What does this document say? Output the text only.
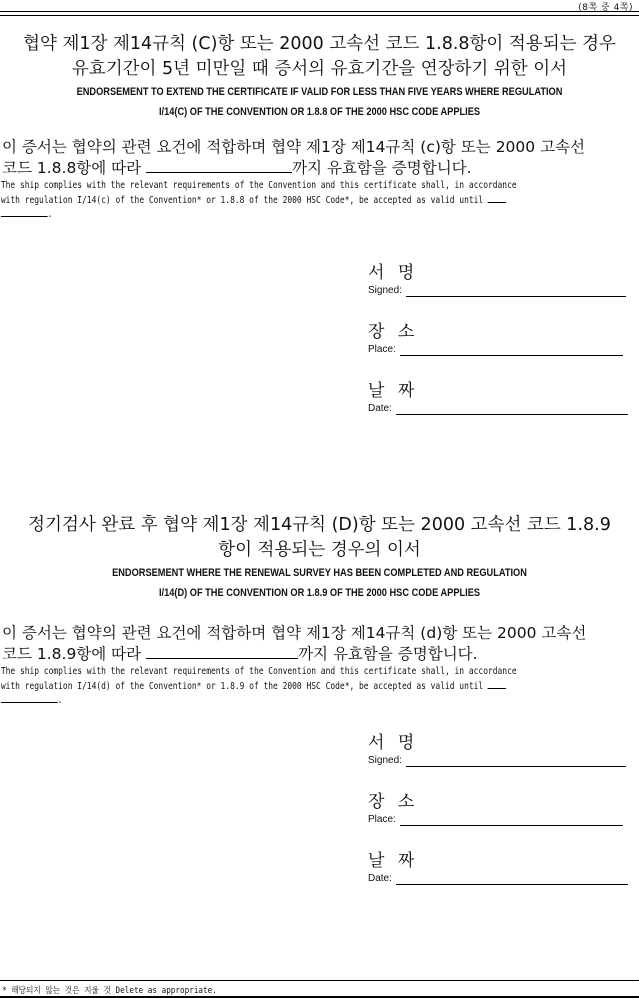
(8쪽 중 4쪽)

협약 제1장 제14규칙 (C)항 또는 2000 고속선 코드 1.8.8항이 적용되는 경우

유효기간이 5년 미만일 때 증서의 유효기간을 연장하기 위한 이서

ENDORSEMENT TO EXTEND THE CERTIFICATE IF VALID FOR LESS THAN FIVE YEARS WHERE REGULATION

I/14(C) OF THE CONVENTION OR 1.8.8 OF THE 2000 HSC CODE APPLIES

이 증서는 협약의 관련 요건에 적합하며 협약 제1장 제14규칙 (c)항 또는 2000 고속선

코드 1.8.8항에 따라	까지 유효함을 증명합니다.

The ship complies with the relevant requirements of the Convention and this certificate shall, in accordance

with regulation I/14(c) of the Convention* or 1.8.8 of the 2000 HSC Code*, be accepted as valid until

.

서 명
Signed:
장 소
Place:
날 짜
Date:

정기검사 완료 후 협약 제1장 제14규칙 (D)항 또는 2000 고속선 코드 1.8.9

항이 적용되는 경우의 이서

ENDORSEMENT WHERE THE RENEWAL SURVEY HAS BEEN COMPLETED AND REGULATION

I/14(D) OF THE CONVENTION OR 1.8.9 OF THE 2000 HSC CODE APPLIES

이 증서는 협약의 관련 요건에 적합하며 협약 제1장 제14규칙 (d)항 또는 2000 고속선

코드 1.8.9항에 따라	까지 유효함을 증명합니다.

The ship complies with the relevant requirements of the Convention and this certificate shall, in accordance

with regulation I/14(d) of the Convention* or 1.8.9 of the 2000 HSC Code*, be accepted as valid until

.

서 명
Signed:
장 소
Place:
날 짜
Date:
* 해당되지 않는 것은 지울 것 Delete as appropriate.
